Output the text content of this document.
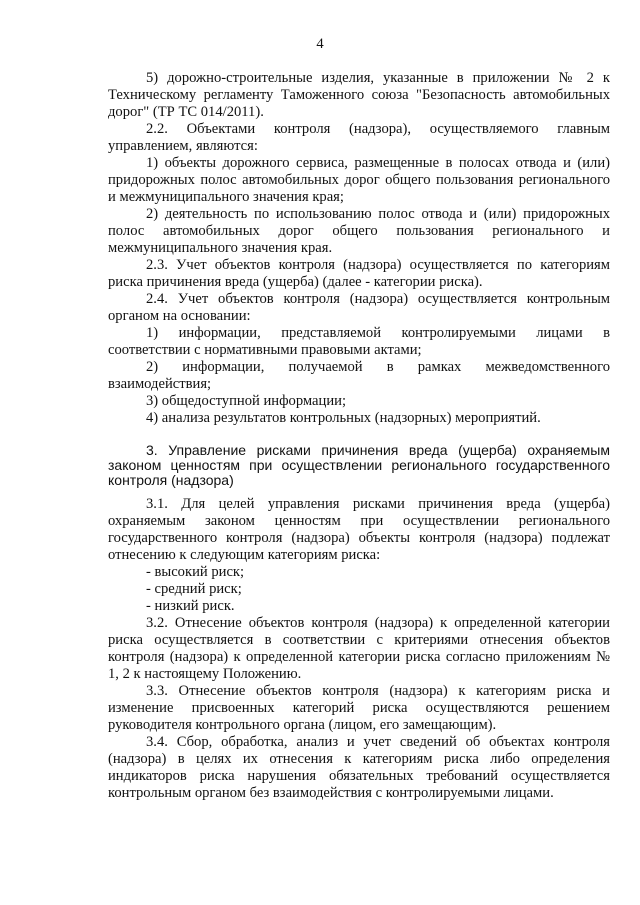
4

5) дорожно-строительные изделия, указанные в приложении № 2 к Техническому регламенту Таможенного союза "Безопасность автомобильных дорог" (ТР ТС 014/2011).

2.2. Объектами контроля (надзора), осуществляемого главным управлением, являются:

1) объекты дорожного сервиса, размещенные в полосах отвода и (или) придорожных полос автомобильных дорог общего пользования регионального и межмуниципального значения края;

2) деятельность по использованию полос отвода и (или) придорожных полос автомобильных дорог общего пользования регионального и межмуниципального значения края.

2.3. Учет объектов контроля (надзора) осуществляется по категориям риска причинения вреда (ущерба) (далее - категории риска).

2.4. Учет объектов контроля (надзора) осуществляется контрольным органом на основании:

1) информации, представляемой контролируемыми лицами в соответствии с нормативными правовыми актами;

2) информации, получаемой в рамках межведомственного взаимодействия;

3) общедоступной информации;

4) анализа результатов контрольных (надзорных) мероприятий.

3. Управление рисками причинения вреда (ущерба) охраняемым законом ценностям при осуществлении регионального государственного контроля (надзора)

3.1. Для целей управления рисками причинения вреда (ущерба) охраняемым законом ценностям при осуществлении регионального государственного контроля (надзора) объекты контроля (надзора) подлежат отнесению к следующим категориям риска:

- высокий риск;

- средний риск;

- низкий риск.

3.2. Отнесение объектов контроля (надзора) к определенной категории риска осуществляется в соответствии с критериями отнесения объектов контроля (надзора) к определенной категории риска согласно приложениям № 1, 2 к настоящему Положению.

3.3. Отнесение объектов контроля (надзора) к категориям риска и изменение присвоенных категорий риска осуществляются решением руководителя контрольного органа (лицом, его замещающим).

3.4. Сбор, обработка, анализ и учет сведений об объектах контроля (надзора) в целях их отнесения к категориям риска либо определения индикаторов риска нарушения обязательных требований осуществляется контрольным органом без взаимодействия с контролируемыми лицами.
